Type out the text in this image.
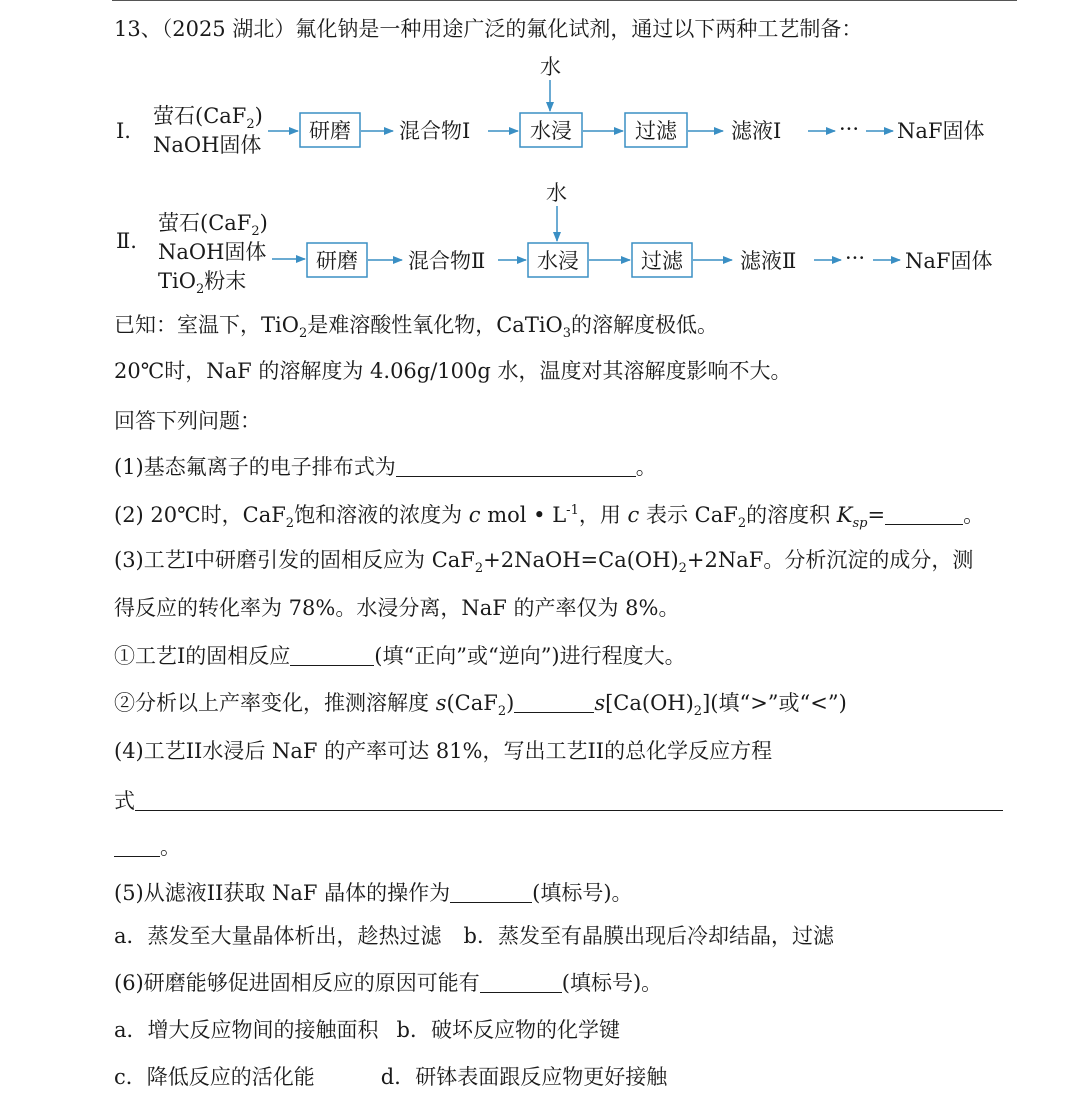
13、（2025 湖北）氟化钠是一种用途广泛的氟化试剂，通过以下两种工艺制备：
Ⅰ.
萤石(CaF$_2$)
NaOH固体
研磨 混合物Ⅰ
水
水浸	过滤	滤液Ⅰ	··· NaF固体
Ⅱ.
萤石(CaF$_2$)
NaOH固体
TiO$_2$粉末
研磨 混合物Ⅱ
水
水浸	过滤	滤液Ⅱ ··· NaF固体
已知：室温下，TiO$_2$是难溶酸性氧化物，CaTiO$_3$的溶解度极低。
20℃时，NaF 的溶解度为 4.06g/100g 水，温度对其溶解度影响不大。
回答下列问题：
(1)基态氟离子的电子排布式为	。
(2) 20℃时，CaF$_2$饱和溶液的浓度为 c mol • $L^{-1}$，用 c 表示 CaF$_2$的溶度积 $K_{sp}=$	。
(3)工艺I中研磨引发的固相反应为 $CaF_2+2NaOH=Ca(OH)_2+2NaF$。分析沉淀的成分，测
得反应的转化率为 78%。水浸分离，NaF 的产率仅为 8%。
①工艺I的固相反应	(填“正向”或“逆向”)进行程度大。
②分析以上产率变化，推测溶解度 s(CaF$_2$)	$s[Ca(OH)_2]$(填“>”或“<”)
(4)工艺II水浸后 NaF 的产率可达 81%，写出工艺II的总化学反应方程
式
。
(5)从滤液II获取 NaF 晶体的操作为	(填标号)。
a．蒸发至大量晶体析出，趁热过滤 b．蒸发至有晶膜出现后冷却结晶，过滤
(6)研磨能够促进固相反应的原因可能有	(填标号)。
a．增大反应物间的接触面积 b．破坏反应物的化学键
c．降低反应的活化能	d．研钵表面跟反应物更好接触
